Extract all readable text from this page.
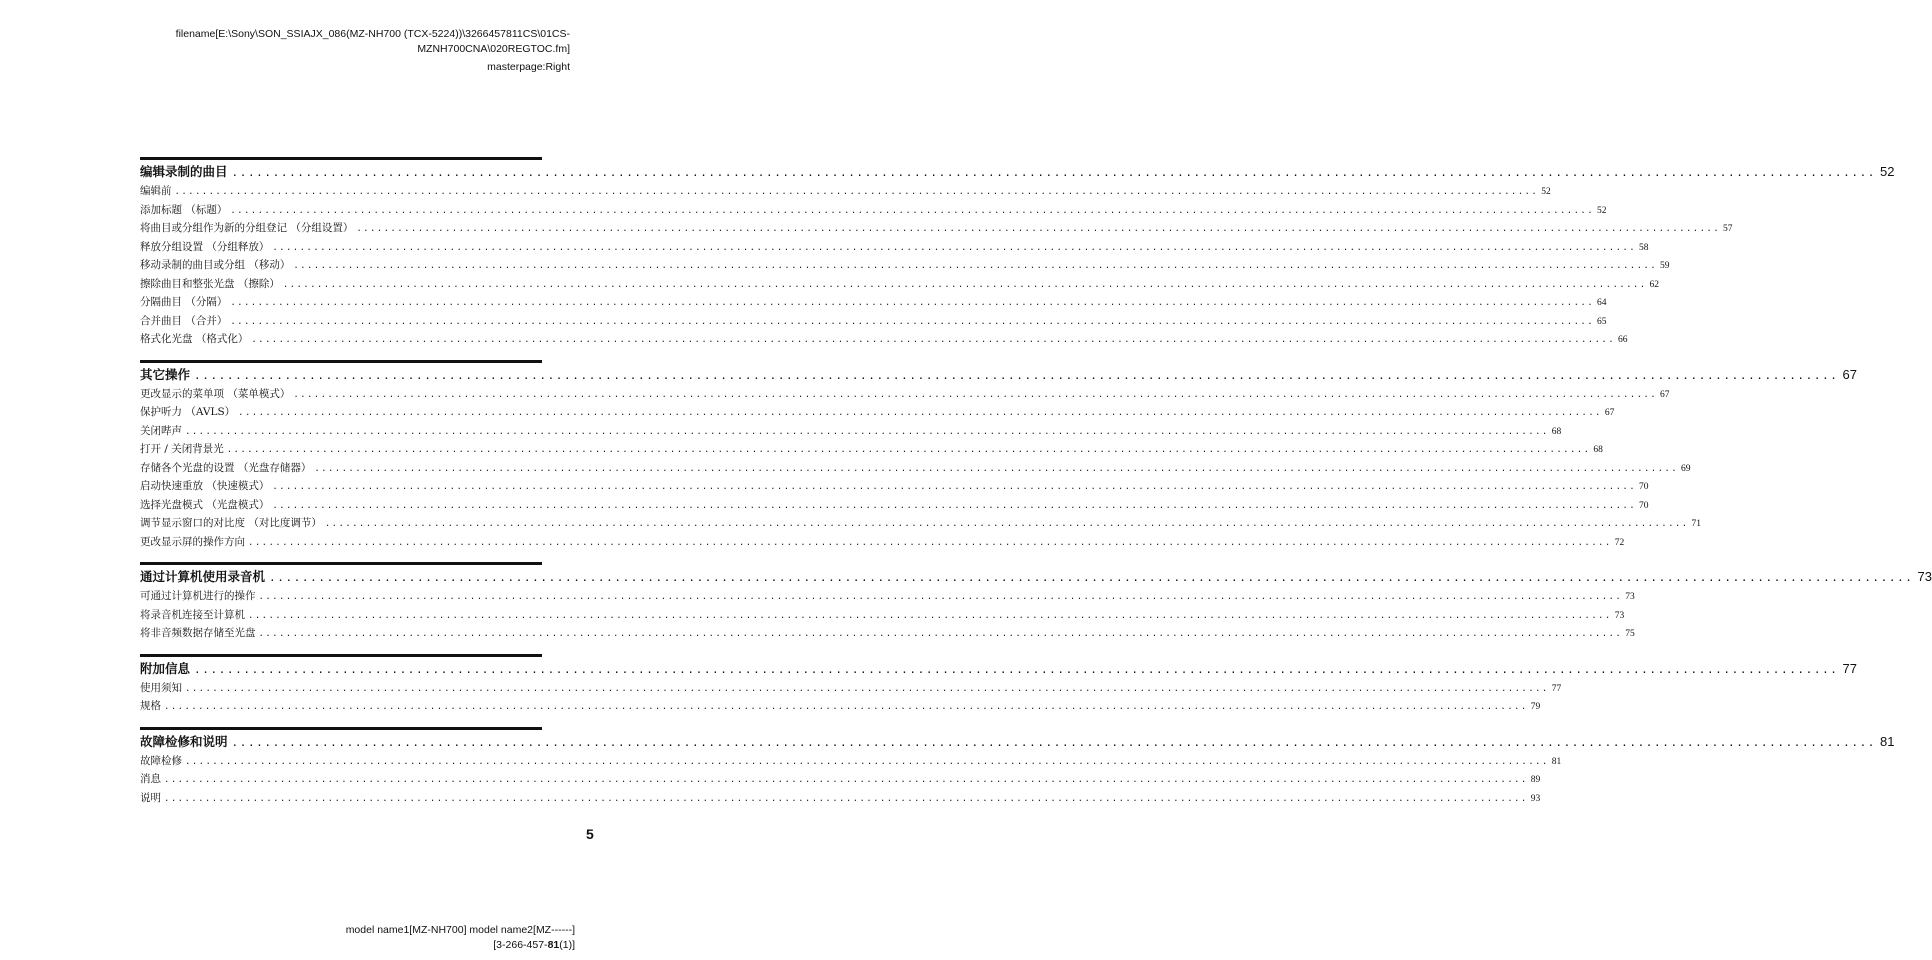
filename[E:\Sony\SON_SSIAJX_086(MZ-NH700 (TCX-5224))\3266457811CS\01CS-
MZNH700CNA\020REGTOC.fm]
masterpage:Right
编辑录制的曲目 ........................................................................................................................................................................................................ 52
编辑前 ........................................................................................................................................................................................................ 52
添加标题 （标题） ........................................................................................................................................................................................................ 52
将曲目或分组作为新的分组登记 （分组设置） ........................................................................................................................................................................................................ 57
释放分组设置 （分组释放） ........................................................................................................................................................................................................ 58
移动录制的曲目或分组 （移动） ........................................................................................................................................................................................................ 59
擦除曲目和整张光盘 （擦除） ........................................................................................................................................................................................................ 62
分隔曲目 （分隔） ........................................................................................................................................................................................................ 64
合并曲目 （合并） ........................................................................................................................................................................................................ 65
格式化光盘 （格式化） ........................................................................................................................................................................................................ 66
其它操作 ........................................................................................................................................................................................................ 67
更改显示的菜单项 （菜单模式） ........................................................................................................................................................................................................ 67
保护听力 （AVLS） ........................................................................................................................................................................................................ 67
关闭哔声 ........................................................................................................................................................................................................ 68
打开 / 关闭背景光 ........................................................................................................................................................................................................ 68
存储各个光盘的设置 （光盘存储器） ........................................................................................................................................................................................................ 69
启动快速重放 （快速模式） ........................................................................................................................................................................................................ 70
选择光盘模式 （光盘模式） ........................................................................................................................................................................................................ 70
调节显示窗口的对比度 （对比度调节） ........................................................................................................................................................................................................ 71
更改显示屏的操作方向 ........................................................................................................................................................................................................ 72
通过计算机使用录音机 ........................................................................................................................................................................................................ 73
可通过计算机进行的操作 ........................................................................................................................................................................................................ 73
将录音机连接至计算机 ........................................................................................................................................................................................................ 73
将非音频数据存储至光盘 ........................................................................................................................................................................................................ 75
附加信息 ........................................................................................................................................................................................................ 77
使用须知 ........................................................................................................................................................................................................ 77
规格 ........................................................................................................................................................................................................ 79
故障检修和说明 ........................................................................................................................................................................................................ 81
故障检修 ........................................................................................................................................................................................................ 81
消息 ........................................................................................................................................................................................................ 89
说明 ........................................................................................................................................................................................................ 93
5
model name1[MZ-NH700] model name2[MZ------]
[3-266-457-81(1)]
